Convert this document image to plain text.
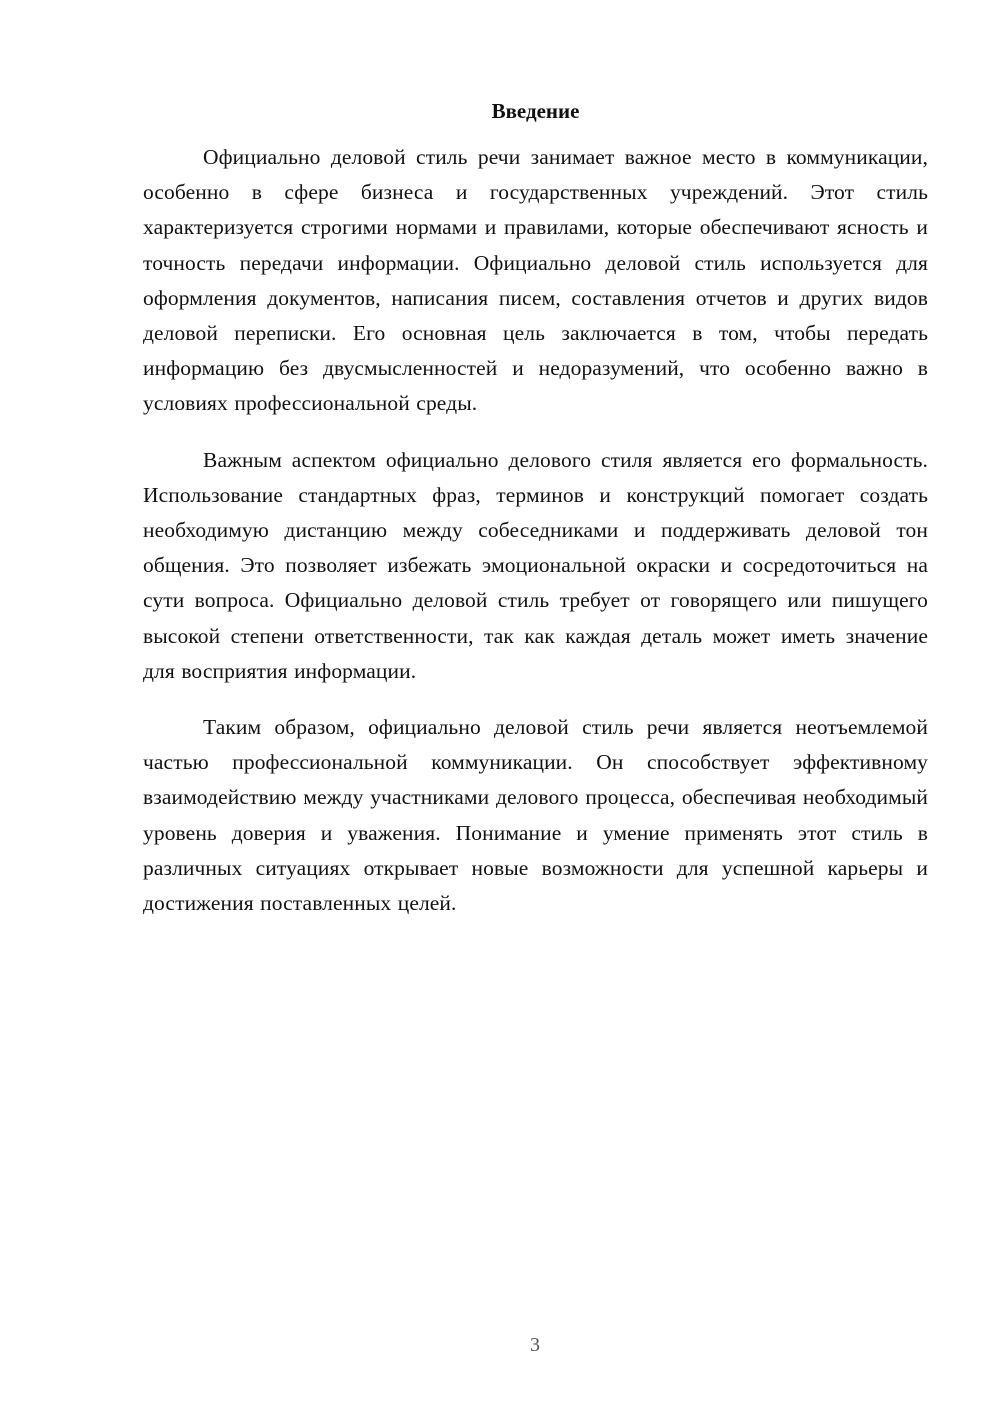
Введение

Официально деловой стиль речи занимает важное место в коммуникации, особенно в сфере бизнеса и государственных учреждений. Этот стиль характеризуется строгими нормами и правилами, которые обеспечивают ясность и точность передачи информации. Официально деловой стиль используется для оформления документов, написания писем, составления отчетов и других видов деловой переписки. Его основная цель заключается в том, чтобы передать информацию без двусмысленностей и недоразумений, что особенно важно в условиях профессиональной среды.

Важным аспектом официально делового стиля является его формальность. Использование стандартных фраз, терминов и конструкций помогает создать необходимую дистанцию между собеседниками и поддерживать деловой тон общения. Это позволяет избежать эмоциональной окраски и сосредоточиться на сути вопроса. Официально деловой стиль требует от говорящего или пишущего высокой степени ответственности, так как каждая деталь может иметь значение для восприятия информации.

Таким образом, официально деловой стиль речи является неотъемлемой частью профессиональной коммуникации. Он способствует эффективному взаимодействию между участниками делового процесса, обеспечивая необходимый уровень доверия и уважения. Понимание и умение применять этот стиль в различных ситуациях открывает новые возможности для успешной карьеры и достижения поставленных целей.

3
